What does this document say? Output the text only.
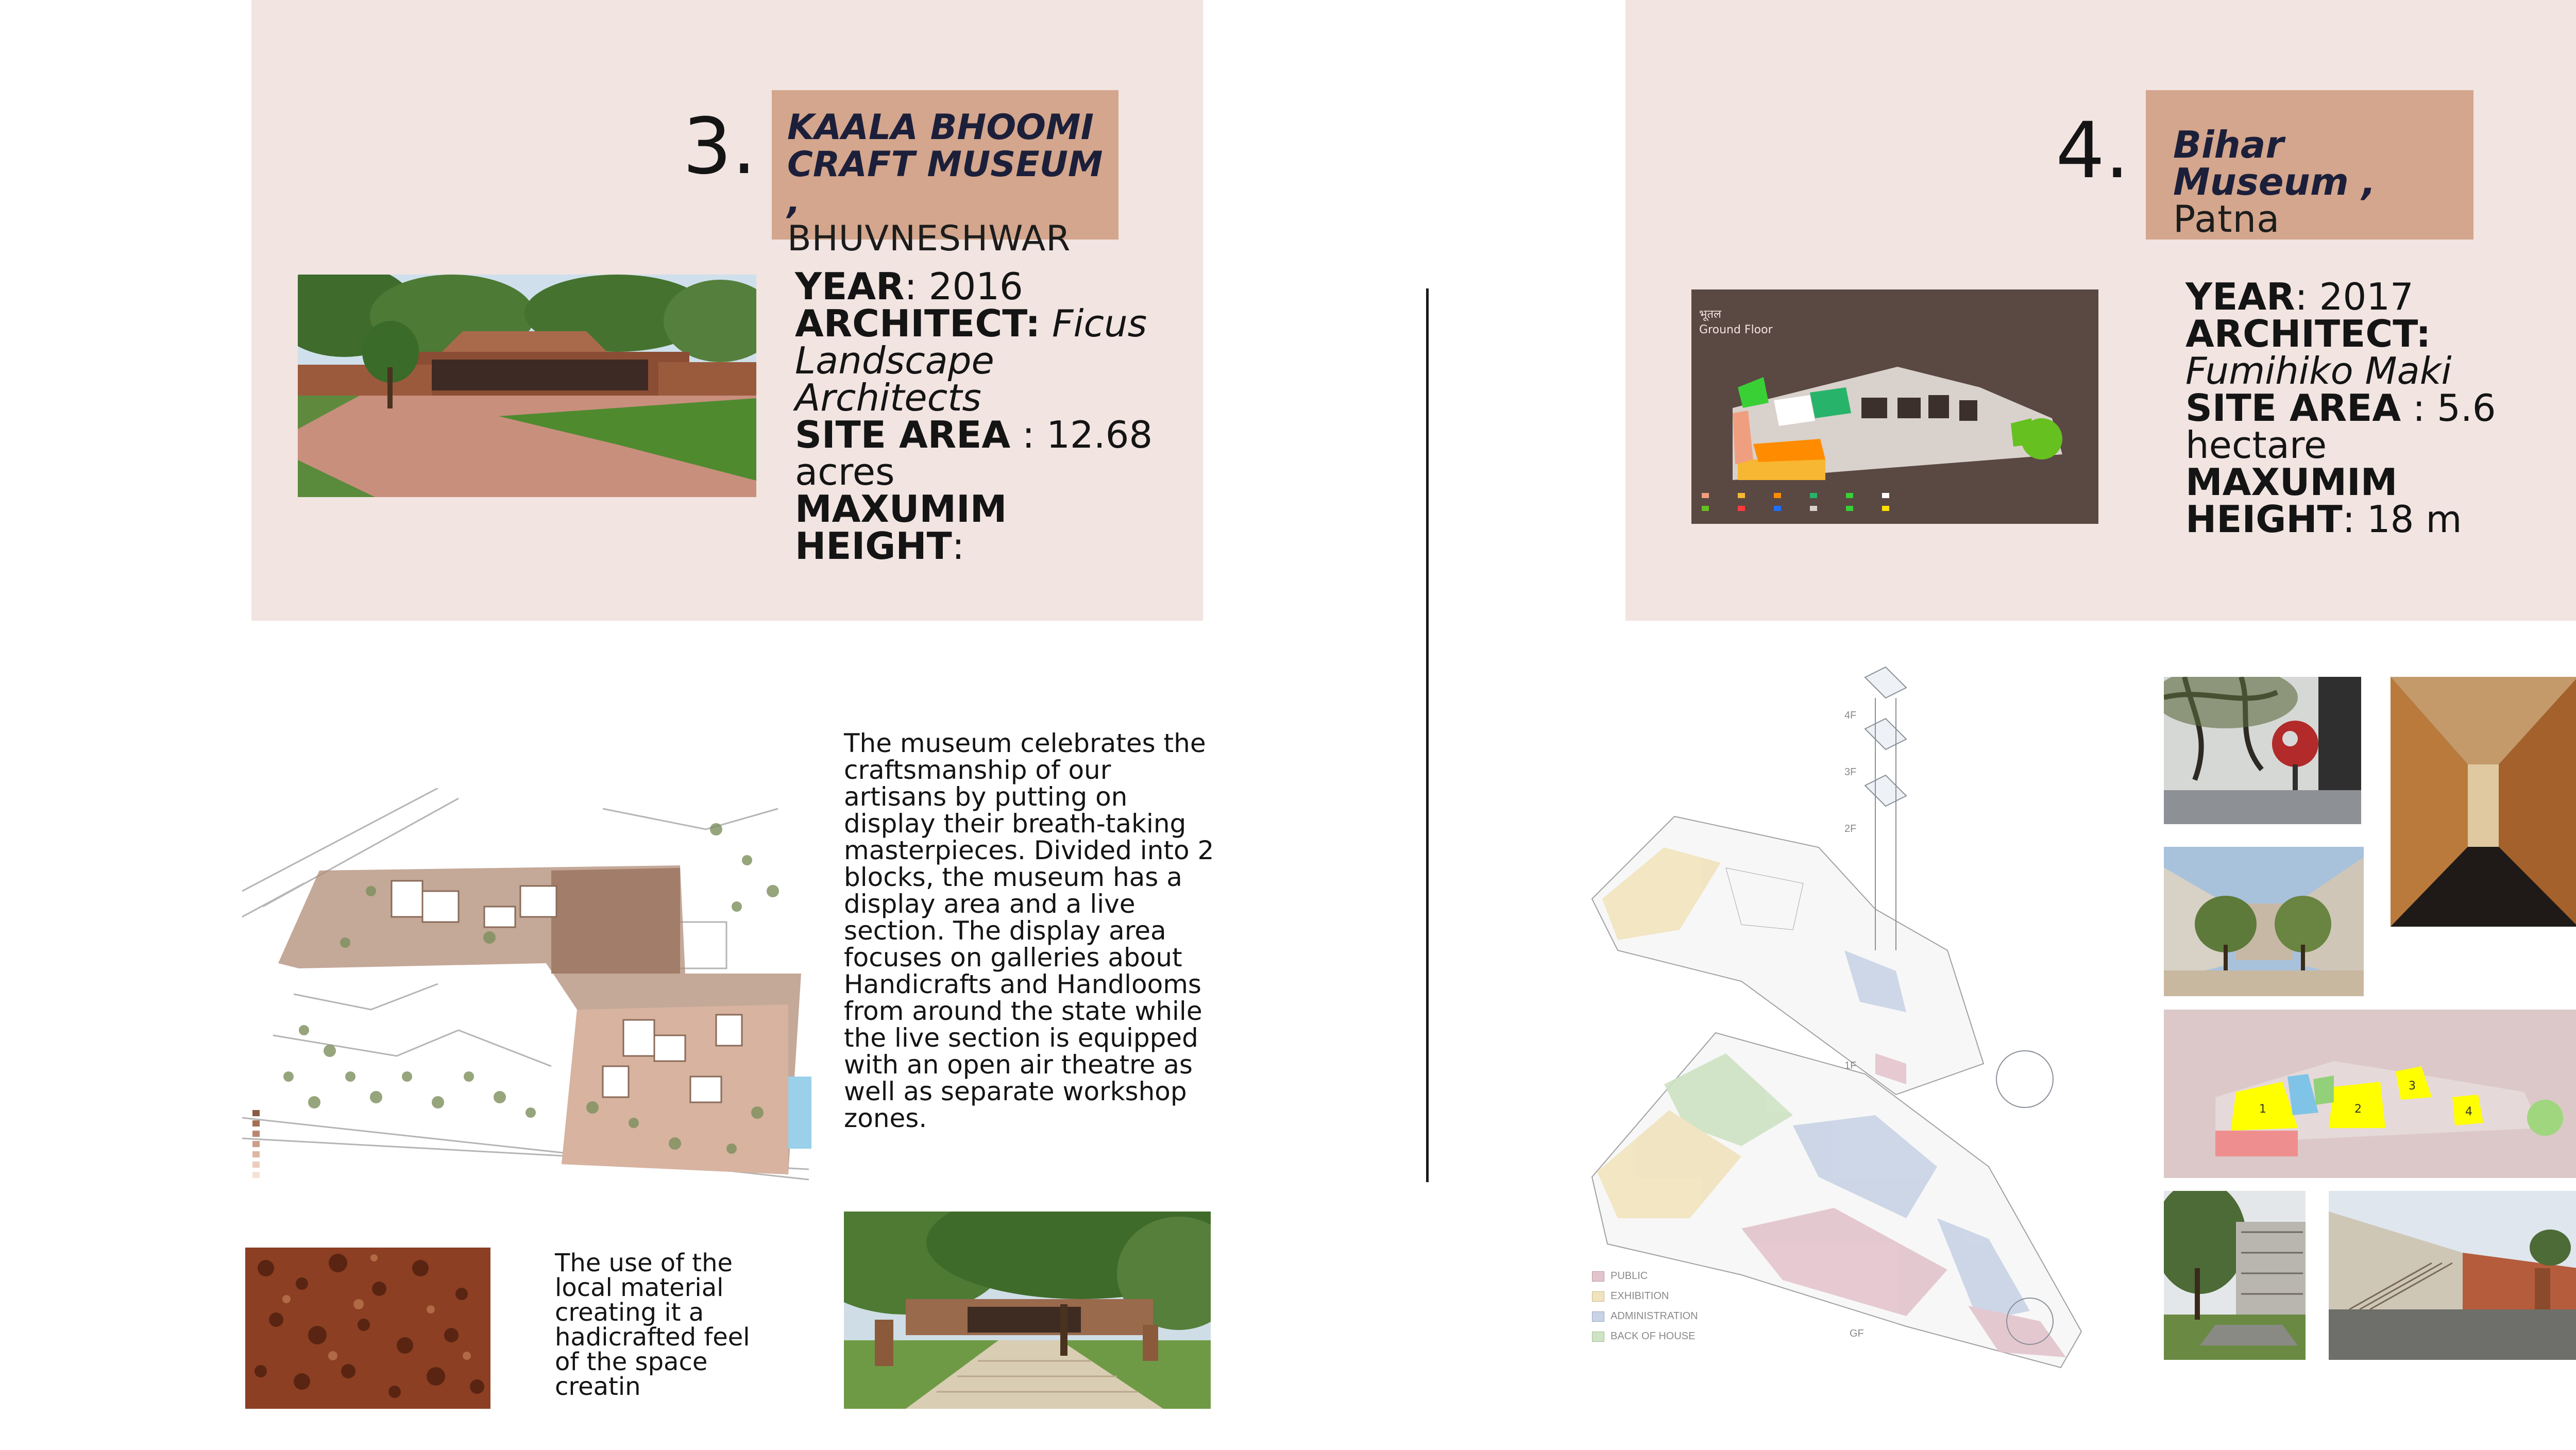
3. KAALA BHOOMI
CRAFT MUSEUM ,
BHUVNESHWAR
YEAR: 2016
ARCHITECT: Ficus Landscape Architects
SITE AREA : 12.68 acres
MAXUMIM HEIGHT:
The museum celebrates the craftsmanship of our artisans by putting on display their breath-taking masterpieces. Divided into 2 blocks, the museum has a display area and a live section. The display area focuses on galleries about Handicrafts and Handlooms from around the state while the live section is equipped with an open air theatre as well as separate workshop zones.
The use of the local material creating it a hadicrafted feel of the space creatin
4. Bihar Museum ,
Patna
भूतल
Ground Floor
YEAR: 2017
ARCHITECT:
Fumihiko Maki
SITE AREA : 5.6 hectare
MAXUMIM HEIGHT: 18 m
4F
3F
2F
1F
GF
PUBLIC
EXHIBITION
ADMINISTRATION
BACK OF HOUSE
1	2
3
4
